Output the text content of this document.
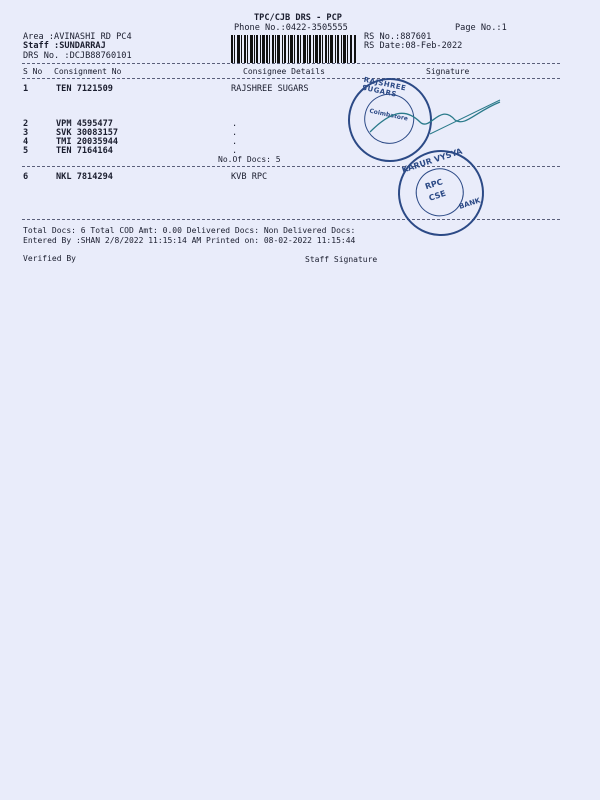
TPC/CJB DRS - PCP
Phone No.:0422-3505555	Page No.:1
Area :AVINASHI RD PC4
Staff :SUNDARRAJ
DRS No. :DCJB88760101
RS No.:887601
RS Date:08-Feb-2022
S No Consignment No	Consignee Details	Signature
1	TEN 7121509	RAJSHREE SUGARS
2	VPM 4595477	.
3	SVK 30083157	.
4	TMI 20035944	.
5	TEN 7164164	.
No.Of Docs: 5
6	NKL 7814294	KVB RPC
Total Docs: 6 Total COD Amt: 0.00 Delivered Docs: Non Delivered Docs:
Entered By :SHAN 2/8/2022 11:15:14 AM Printed on: 08-02-2022 11:15:44
Verified By	Staff Signature
RAJSHREE SUGARS
Coimbatore
KARUR VYSYA
RPC
CSE
BANK
